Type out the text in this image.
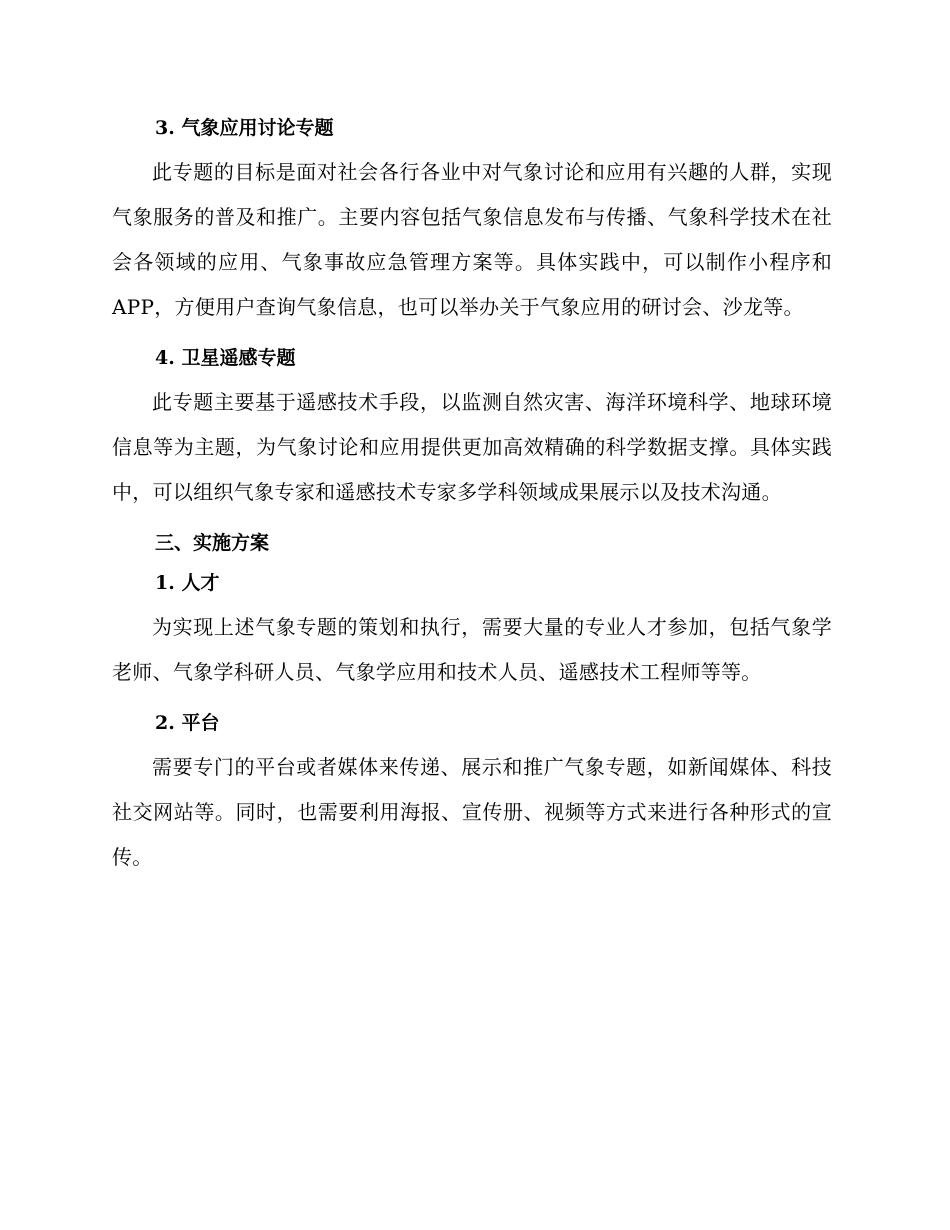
3. 气象应用讨论专题

此专题的目标是面对社会各行各业中对气象讨论和应用有兴趣的人群，实现气象服务的普及和推广。主要内容包括气象信息发布与传播、气象科学技术在社会各领域的应用、气象事故应急管理方案等。具体实践中，可以制作小程序和 APP，方便用户查询气象信息，也可以举办关于气象应用的研讨会、沙龙等。

4. 卫星遥感专题

此专题主要基于遥感技术手段，以监测自然灾害、海洋环境科学、地球环境信息等为主题，为气象讨论和应用提供更加高效精确的科学数据支撑。具体实践中，可以组织气象专家和遥感技术专家多学科领域成果展示以及技术沟通。

三、实施方案

1. 人才

为实现上述气象专题的策划和执行，需要大量的专业人才参加，包括气象学老师、气象学科研人员、气象学应用和技术人员、遥感技术工程师等等。

2. 平台

需要专门的平台或者媒体来传递、展示和推广气象专题，如新闻媒体、科技社交网站等。同时，也需要利用海报、宣传册、视频等方式来进行各种形式的宣传。
